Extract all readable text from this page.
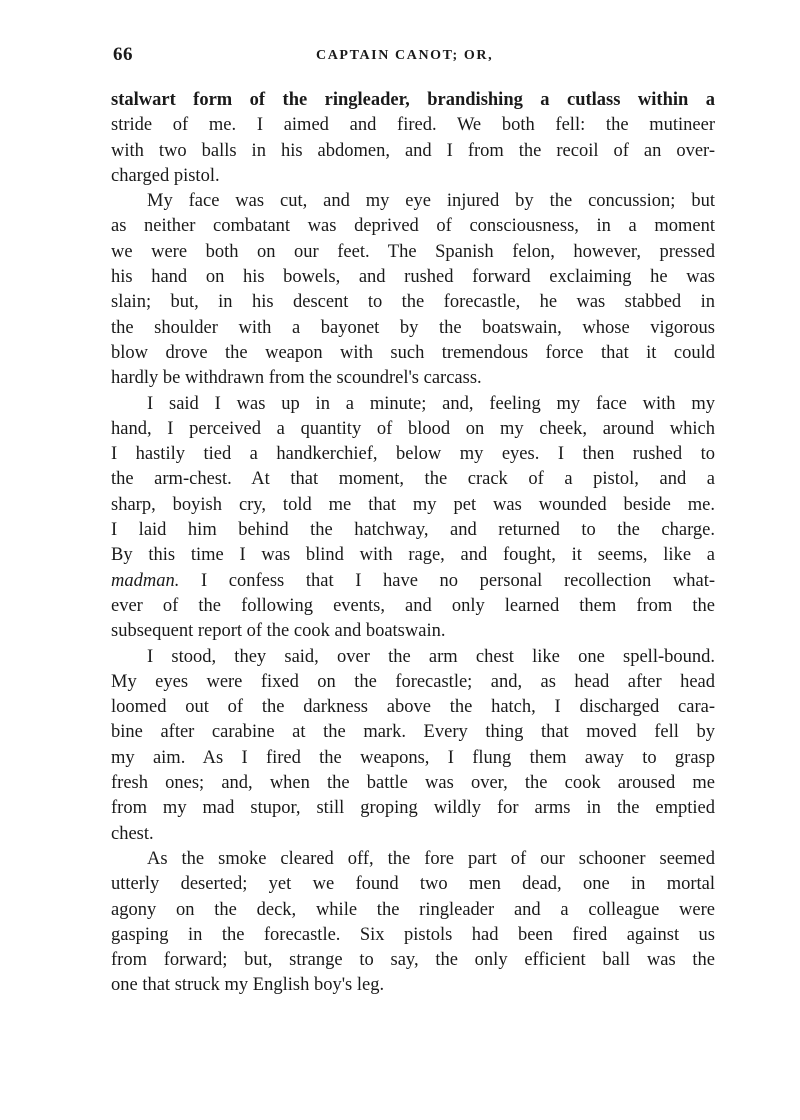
66	CAPTAIN CANOT; OR,
stalwart form of the ringleader, brandishing a cutlass within a
stride of me. I aimed and fired. We both fell: the mutineer
with two balls in his abdomen, and I from the recoil of an over-
charged pistol.
My face was cut, and my eye injured by the concussion; but
as neither combatant was deprived of consciousness, in a moment
we were both on our feet. The Spanish felon, however, pressed
his hand on his bowels, and rushed forward exclaiming he was
slain; but, in his descent to the forecastle, he was stabbed in
the shoulder with a bayonet by the boatswain, whose vigorous
blow drove the weapon with such tremendous force that it could
hardly be withdrawn from the scoundrel's carcass.
I said I was up in a minute; and, feeling my face with my
hand, I perceived a quantity of blood on my cheek, around which
I hastily tied a handkerchief, below my eyes. I then rushed to
the arm-chest. At that moment, the crack of a pistol, and a
sharp, boyish cry, told me that my pet was wounded beside me.
I laid him behind the hatchway, and returned to the charge.
By this time I was blind with rage, and fought, it seems, like a
madman. I confess that I have no personal recollection what-
ever of the following events, and only learned them from the
subsequent report of the cook and boatswain.
I stood, they said, over the arm chest like one spell-bound.
My eyes were fixed on the forecastle; and, as head after head
loomed out of the darkness above the hatch, I discharged cara-
bine after carabine at the mark. Every thing that moved fell by
my aim. As I fired the weapons, I flung them away to grasp
fresh ones; and, when the battle was over, the cook aroused me
from my mad stupor, still groping wildly for arms in the emptied
chest.
As the smoke cleared off, the fore part of our schooner seemed
utterly deserted; yet we found two men dead, one in mortal
agony on the deck, while the ringleader and a colleague were
gasping in the forecastle. Six pistols had been fired against us
from forward; but, strange to say, the only efficient ball was the
one that struck my English boy's leg.
